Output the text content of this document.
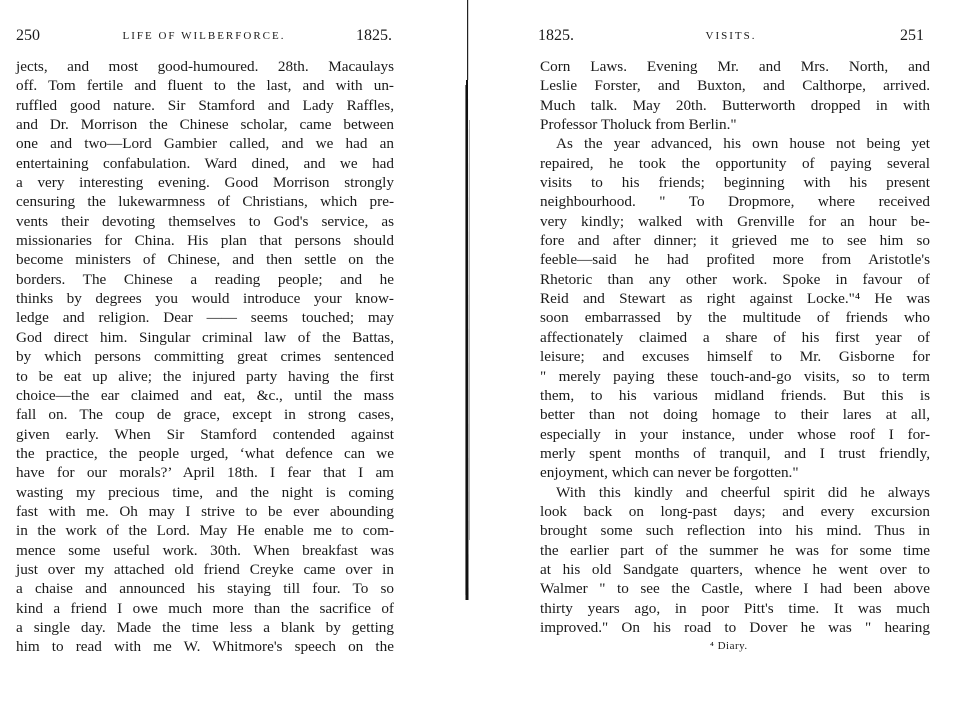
250	LIFE OF WILBERFORCE.	1825.
jects, and most good-humoured. 28th. Macaulays
off. Tom fertile and fluent to the last, and with un-
ruffled good nature. Sir Stamford and Lady Raffles,
and Dr. Morrison the Chinese scholar, came between
one and two—Lord Gambier called, and we had an
entertaining confabulation. Ward dined, and we had
a very interesting evening. Good Morrison strongly
censuring the lukewarmness of Christians, which pre-
vents their devoting themselves to God's service, as
missionaries for China. His plan that persons should
become ministers of Chinese, and then settle on the
borders. The Chinese a reading people; and he
thinks by degrees you would introduce your know-
ledge and religion. Dear —— seems touched; may
God direct him. Singular criminal law of the Battas,
by which persons committing great crimes sentenced
to be eat up alive; the injured party having the first
choice—the ear claimed and eat, &c., until the mass
fall on. The coup de grace, except in strong cases,
given early. When Sir Stamford contended against
the practice, the people urged, ‘what defence can we
have for our morals?’ April 18th. I fear that I am
wasting my precious time, and the night is coming
fast with me. Oh may I strive to be ever abounding
in the work of the Lord. May He enable me to com-
mence some useful work. 30th. When breakfast was
just over my attached old friend Creyke came over in
a chaise and announced his staying till four. To so
kind a friend I owe much more than the sacrifice of
a single day. Made the time less a blank by getting
him to read with me W. Whitmore's speech on the
1825.	VISITS.	251
Corn Laws. Evening Mr. and Mrs. North, and
Leslie Forster, and Buxton, and Calthorpe, arrived.
Much talk. May 20th. Butterworth dropped in with
Professor Tholuck from Berlin."
As the year advanced, his own house not being yet
repaired, he took the opportunity of paying several
visits to his friends; beginning with his present
neighbourhood. " To Dropmore, where received
very kindly; walked with Grenville for an hour be-
fore and after dinner; it grieved me to see him so
feeble—said he had profited more from Aristotle's
Rhetoric than any other work. Spoke in favour of
Reid and Stewart as right against Locke."⁴ He was
soon embarrassed by the multitude of friends who
affectionately claimed a share of his first year of
leisure; and excuses himself to Mr. Gisborne for
" merely paying these touch-and-go visits, so to term
them, to his various midland friends. But this is
better than not doing homage to their lares at all,
especially in your instance, under whose roof I for-
merly spent months of tranquil, and I trust friendly,
enjoyment, which can never be forgotten."
With this kindly and cheerful spirit did he always
look back on long-past days; and every excursion
brought some such reflection into his mind. Thus in
the earlier part of the summer he was for some time
at his old Sandgate quarters, whence he went over to
Walmer " to see the Castle, where I had been above
thirty years ago, in poor Pitt's time. It was much
improved." On his road to Dover he was " hearing
⁴ Diary.
